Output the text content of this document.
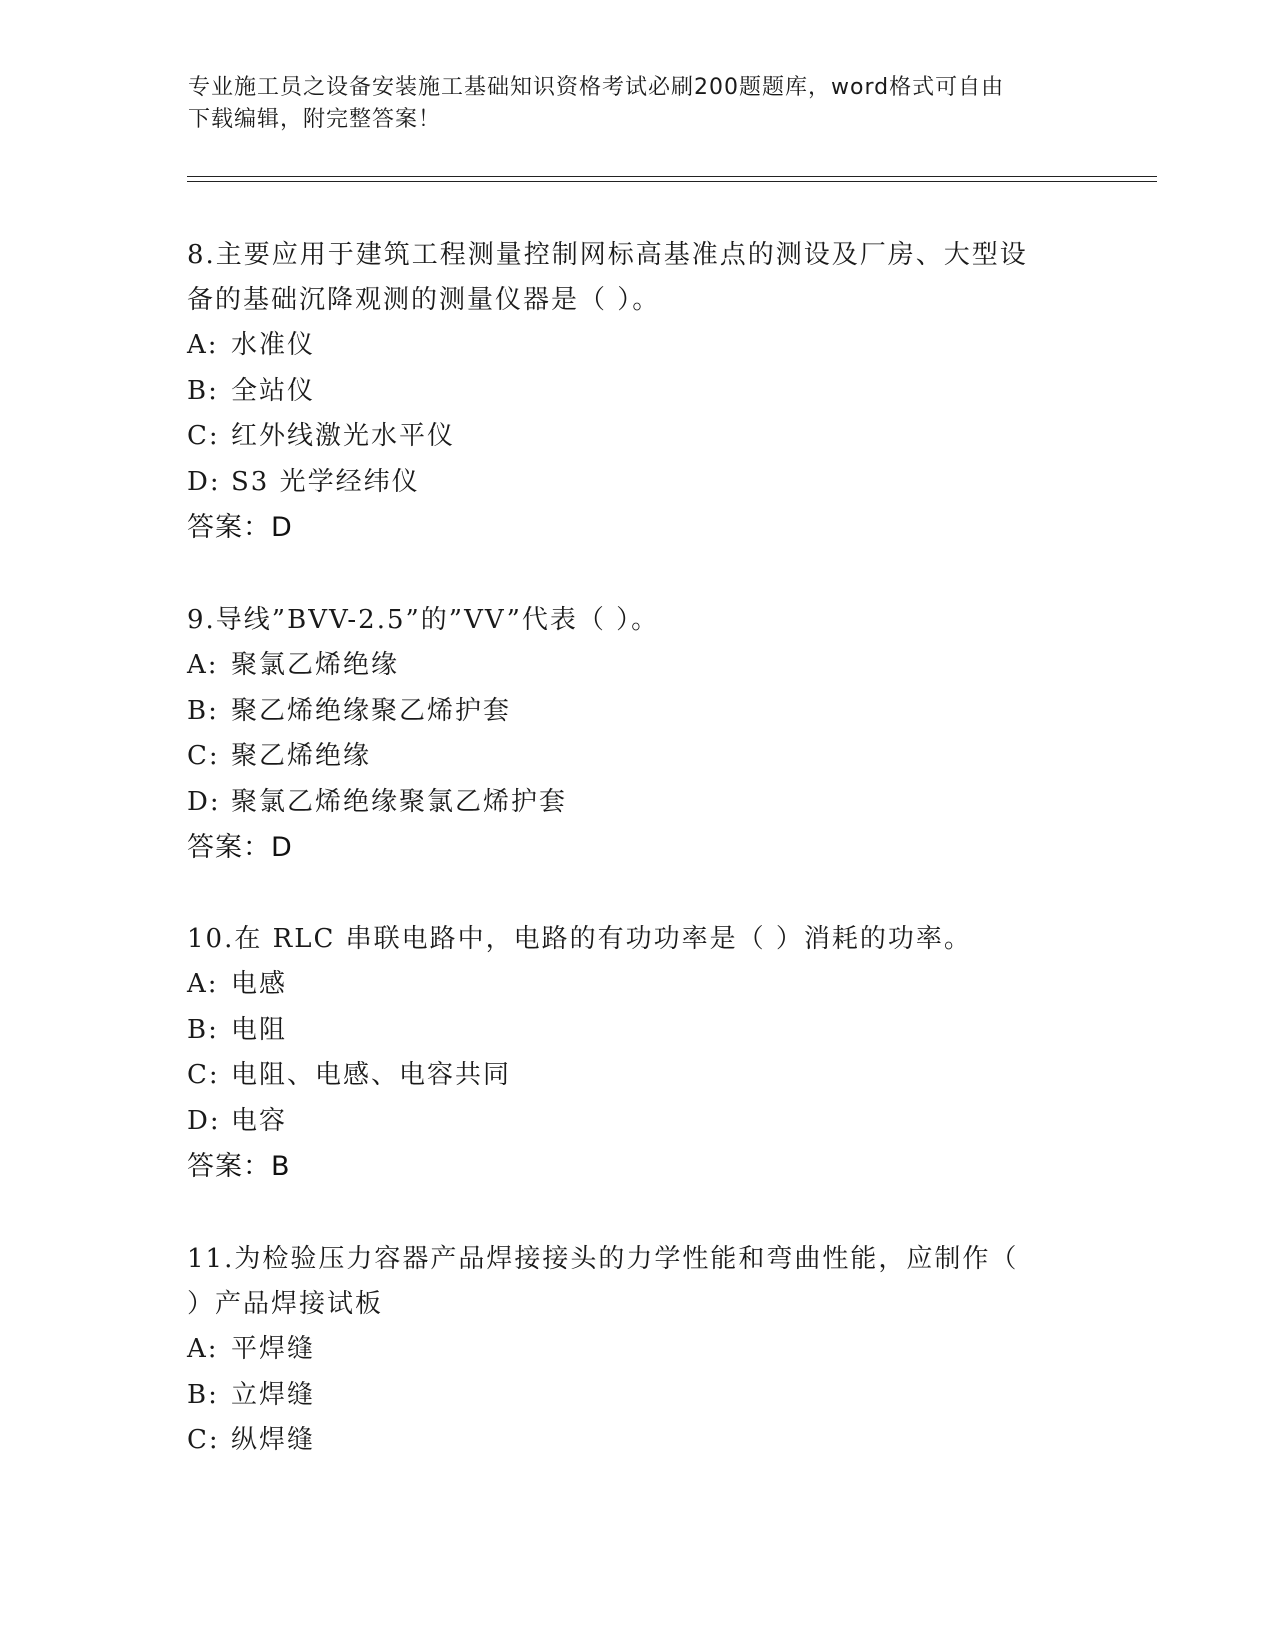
专业施工员之设备安装施工基础知识资格考试必刷200题题库，word格式可自由
下载编辑，附完整答案！

8.主要应用于建筑工程测量控制网标高基准点的测设及厂房、大型设

备的基础沉降观测的测量仪器是（ ）。

A: 水准仪

B: 全站仪

C: 红外线激光水平仪

D: S3 光学经纬仪

答案：D

9.导线”BVV-2.5”的”VV”代表（ ）。

A: 聚氯乙烯绝缘

B: 聚乙烯绝缘聚乙烯护套

C: 聚乙烯绝缘

D: 聚氯乙烯绝缘聚氯乙烯护套

答案：D

10.在 RLC 串联电路中，电路的有功功率是（ ）消耗的功率。

A: 电感

B: 电阻

C: 电阻、电感、电容共同

D: 电容

答案：B

11.为检验压力容器产品焊接接头的力学性能和弯曲性能，应制作（

）产品焊接试板

A: 平焊缝

B: 立焊缝

C: 纵焊缝
